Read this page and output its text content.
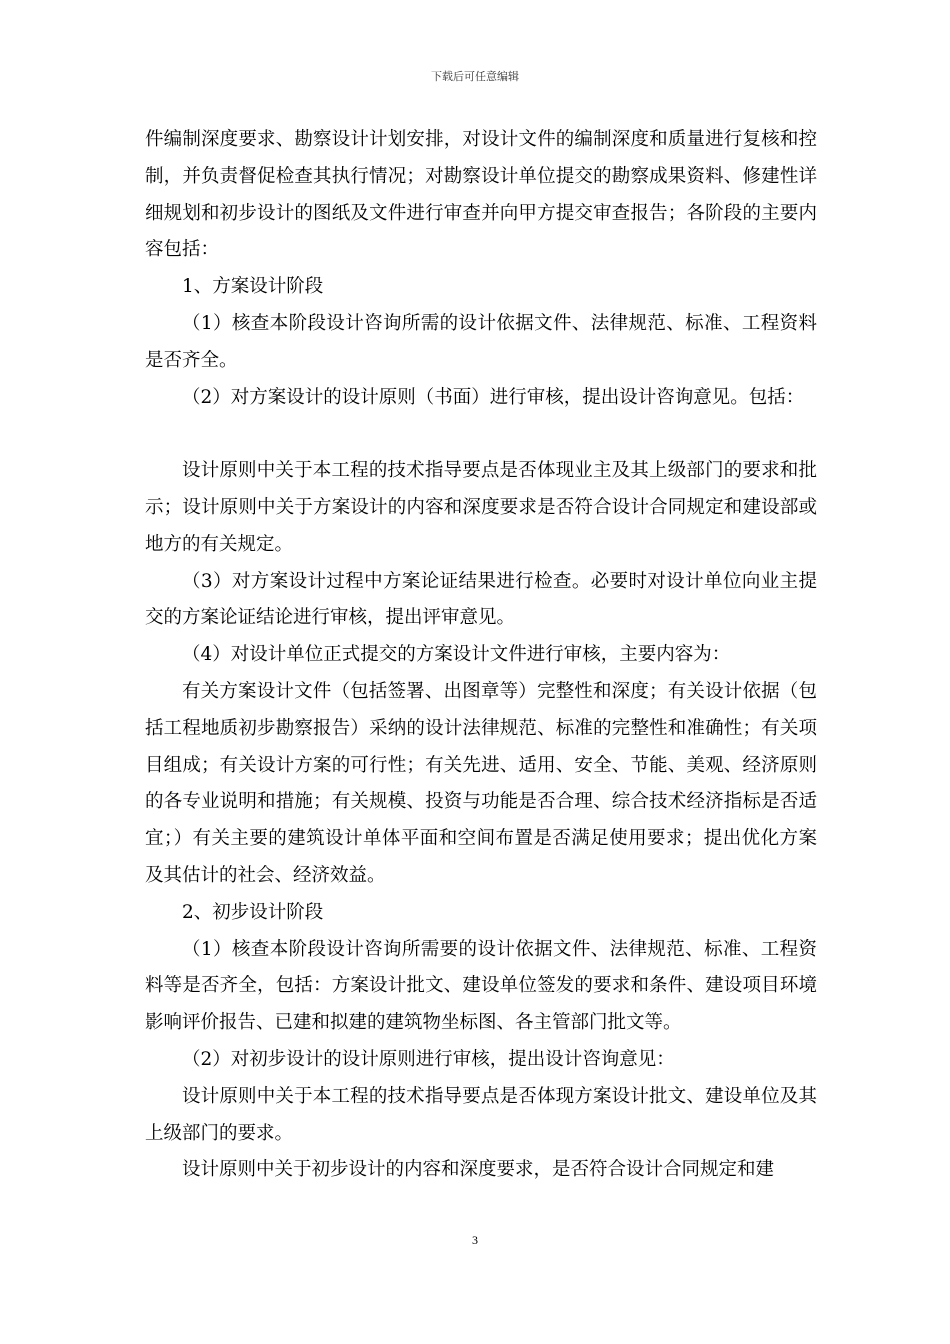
下载后可任意编辑

件编制深度要求、勘察设计计划安排，对设计文件的编制深度和质量进行复核和控制，并负责督促检查其执行情况；对勘察设计单位提交的勘察成果资料、修建性详细规划和初步设计的图纸及文件进行审查并向甲方提交审查报告；各阶段的主要内容包括：

1、方案设计阶段

（1）核查本阶段设计咨询所需的设计依据文件、法律规范、标准、工程资料是否齐全。

（2）对方案设计的设计原则（书面）进行审核，提出设计咨询意见。包括：

设计原则中关于本工程的技术指导要点是否体现业主及其上级部门的要求和批示；设计原则中关于方案设计的内容和深度要求是否符合设计合同规定和建设部或地方的有关规定。

（3）对方案设计过程中方案论证结果进行检查。必要时对设计单位向业主提交的方案论证结论进行审核，提出评审意见。

（4）对设计单位正式提交的方案设计文件进行审核，主要内容为：

有关方案设计文件（包括签署、出图章等）完整性和深度；有关设计依据（包括工程地质初步勘察报告）采纳的设计法律规范、标准的完整性和准确性；有关项目组成；有关设计方案的可行性；有关先进、适用、安全、节能、美观、经济原则的各专业说明和措施；有关规模、投资与功能是否合理、综合技术经济指标是否适宜；）有关主要的建筑设计单体平面和空间布置是否满足使用要求；提出优化方案及其估计的社会、经济效益。

2、初步设计阶段

（1）核查本阶段设计咨询所需要的设计依据文件、法律规范、标准、工程资料等是否齐全，包括：方案设计批文、建设单位签发的要求和条件、建设项目环境影响评价报告、已建和拟建的建筑物坐标图、各主管部门批文等。

（2）对初步设计的设计原则进行审核，提出设计咨询意见：

设计原则中关于本工程的技术指导要点是否体现方案设计批文、建设单位及其上级部门的要求。

设计原则中关于初步设计的内容和深度要求，是否符合设计合同规定和建

3
